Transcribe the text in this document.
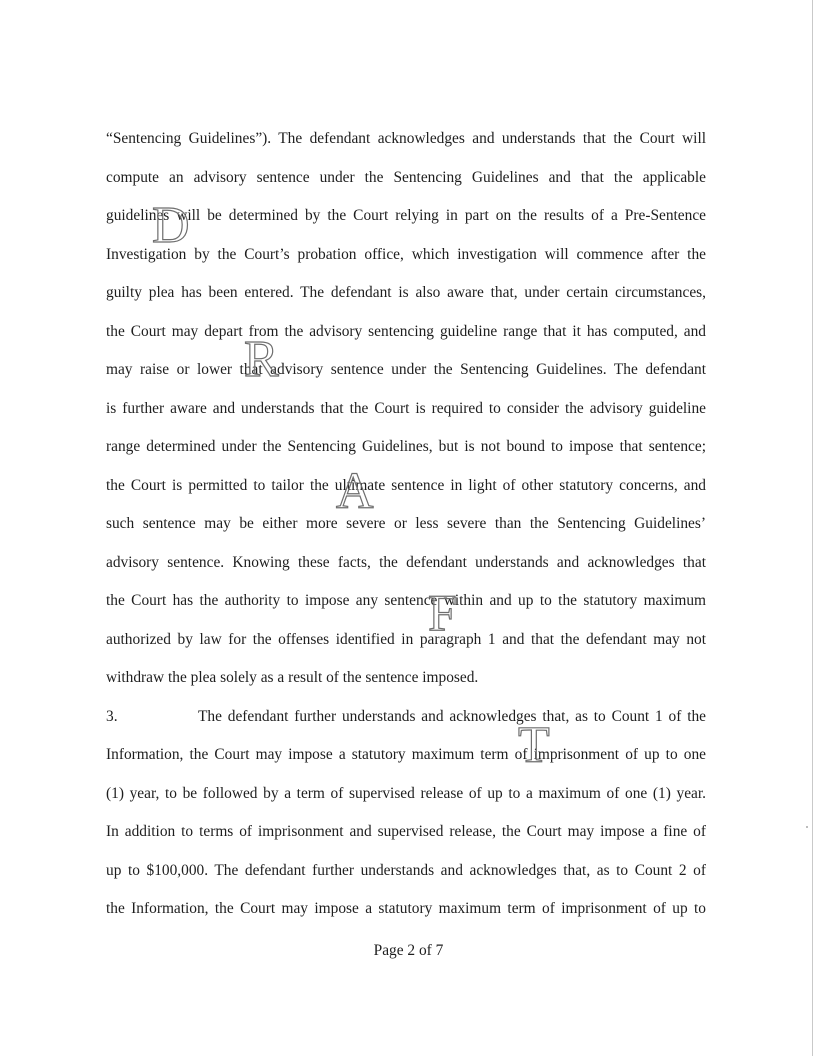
“Sentencing Guidelines”). The defendant acknowledges and understands that the Court will
compute an advisory sentence under the Sentencing Guidelines and that the applicable
guidelines will be determined by the Court relying in part on the results of a Pre-Sentence
Investigation by the Court’s probation office, which investigation will commence after the
guilty plea has been entered. The defendant is also aware that, under certain circumstances,
the Court may depart from the advisory sentencing guideline range that it has computed, and
may raise or lower that advisory sentence under the Sentencing Guidelines. The defendant
is further aware and understands that the Court is required to consider the advisory guideline
range determined under the Sentencing Guidelines, but is not bound to impose that sentence;
the Court is permitted to tailor the ultimate sentence in light of other statutory concerns, and
such sentence may be either more severe or less severe than the Sentencing Guidelines’
advisory sentence. Knowing these facts, the defendant understands and acknowledges that
the Court has the authority to impose any sentence within and up to the statutory maximum
authorized by law for the offenses identified in paragraph 1 and that the defendant may not
withdraw the plea solely as a result of the sentence imposed.
3.	The defendant further understands and acknowledges that, as to Count 1 of the
Information, the Court may impose a statutory maximum term of imprisonment of up to one
(1) year, to be followed by a term of supervised release of up to a maximum of one (1) year.
In addition to terms of imprisonment and supervised release, the Court may impose a fine of
up to $100,000. The defendant further understands and acknowledges that, as to Count 2 of
the Information, the Court may impose a statutory maximum term of imprisonment of up to
D
R
A
F
T
Page 2 of 7
